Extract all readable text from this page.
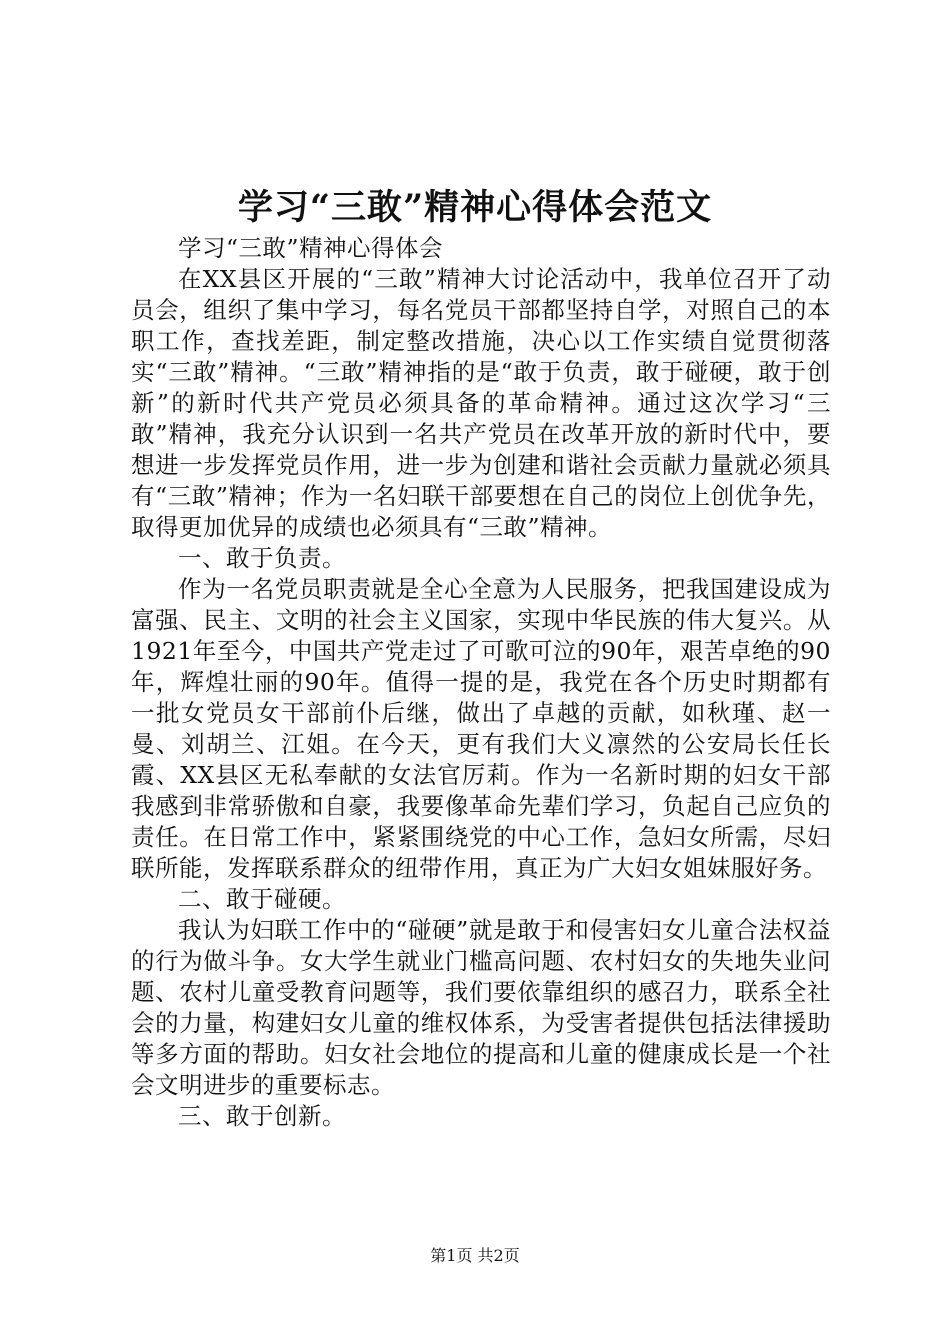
学习“三敢”精神心得体会范文

学习“三敢”精神心得体会

在XX县区开展的“三敢”精神大讨论活动中，我单位召开了动员会，组织了集中学习，每名党员干部都坚持自学，对照自己的本职工作，查找差距，制定整改措施，决心以工作实绩自觉贯彻落实“三敢”精神。“三敢”精神指的是“敢于负责，敢于碰硬，敢于创新”的新时代共产党员必须具备的革命精神。通过这次学习“三敢”精神，我充分认识到一名共产党员在改革开放的新时代中，要想进一步发挥党员作用，进一步为创建和谐社会贡献力量就必须具有“三敢”精神；作为一名妇联干部要想在自己的岗位上创优争先，取得更加优异的成绩也必须具有“三敢”精神。

一、敢于负责。

作为一名党员职责就是全心全意为人民服务，把我国建设成为富强、民主、文明的社会主义国家，实现中华民族的伟大复兴。从1921年至今，中国共产党走过了可歌可泣的90年，艰苦卓绝的90年，辉煌壮丽的90年。值得一提的是，我党在各个历史时期都有一批女党员女干部前仆后继，做出了卓越的贡献，如秋瑾、赵一曼、刘胡兰、江姐。在今天，更有我们大义凛然的公安局长任长霞、XX县区无私奉献的女法官厉莉。作为一名新时期的妇女干部我感到非常骄傲和自豪，我要像革命先辈们学习，负起自己应负的责任。在日常工作中，紧紧围绕党的中心工作，急妇女所需，尽妇联所能，发挥联系群众的纽带作用，真正为广大妇女姐妹服好务。

二、敢于碰硬。

我认为妇联工作中的“碰硬”就是敢于和侵害妇女儿童合法权益的行为做斗争。女大学生就业门槛高问题、农村妇女的失地失业问题、农村儿童受教育问题等，我们要依靠组织的感召力，联系全社会的力量，构建妇女儿童的维权体系，为受害者提供包括法律援助等多方面的帮助。妇女社会地位的提高和儿童的健康成长是一个社会文明进步的重要标志。

三、敢于创新。

第1页 共2页
